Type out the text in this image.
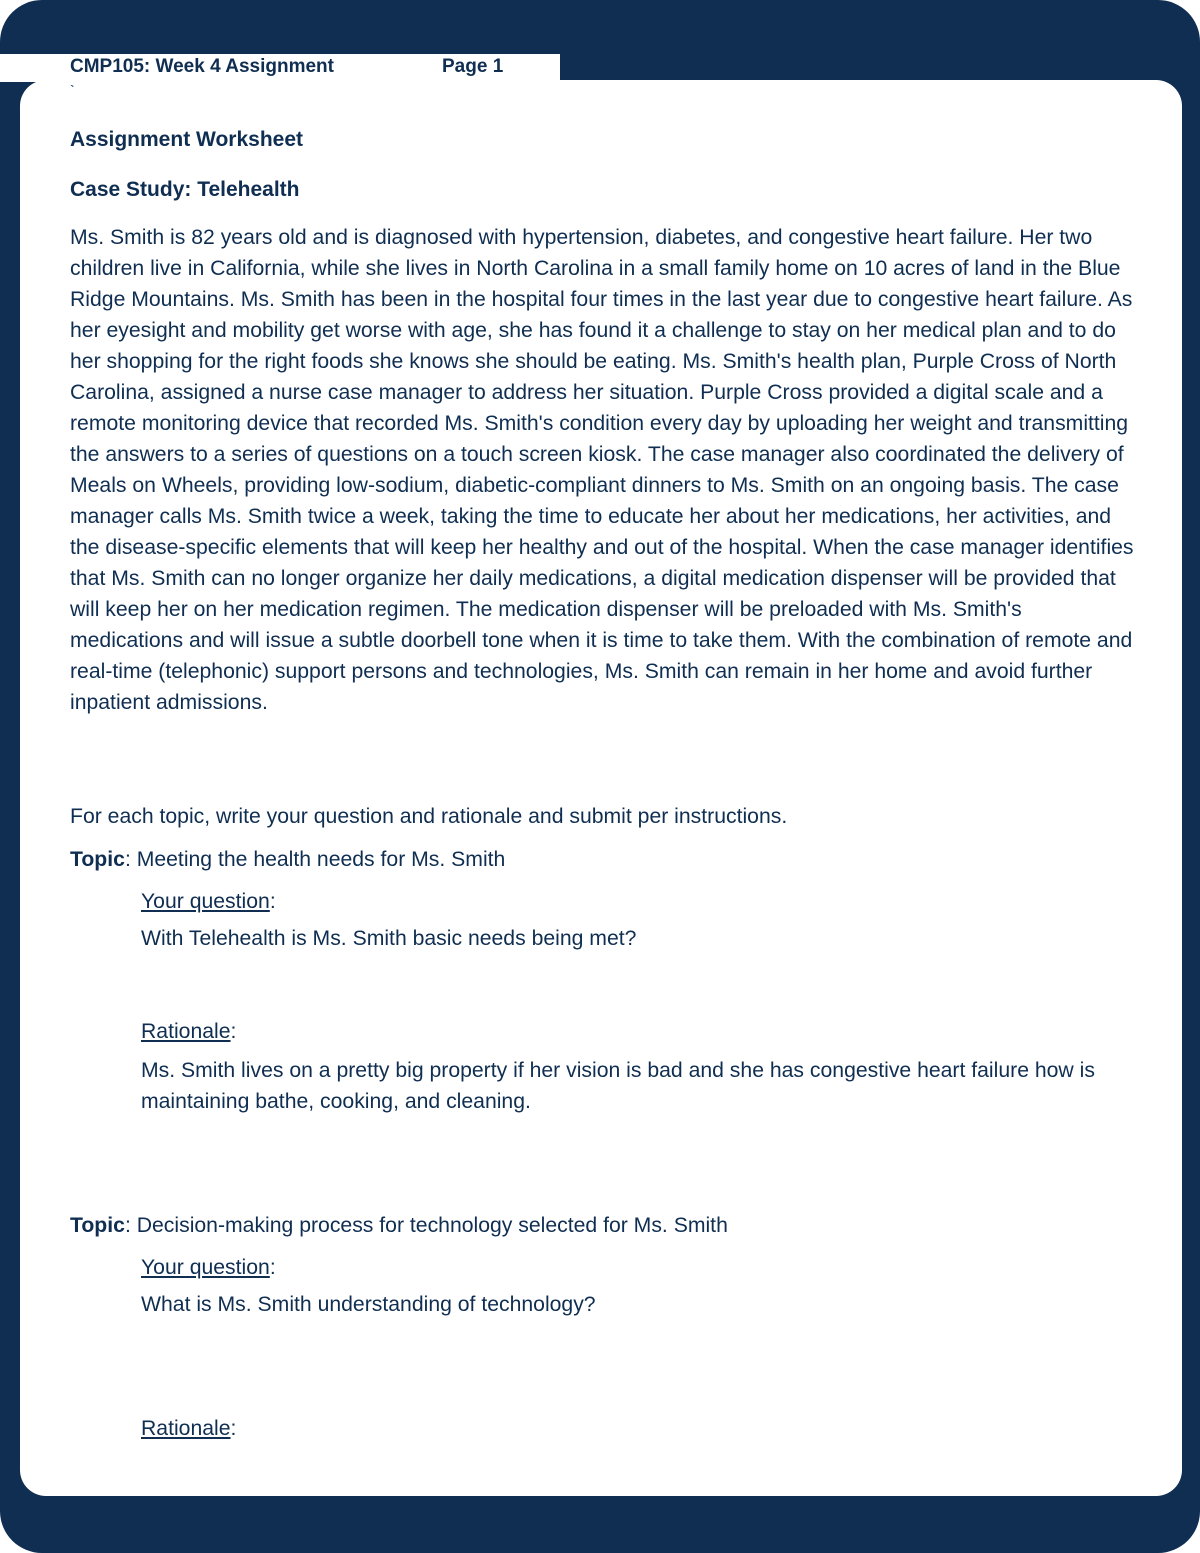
CMP105: Week 4 Assignment	Page 1
`
Assignment Worksheet
Case Study: Telehealth

Ms. Smith is 82 years old and is diagnosed with hypertension, diabetes, and congestive heart failure. Her two children live in California, while she lives in North Carolina in a small family home on 10 acres of land in the Blue Ridge Mountains. Ms. Smith has been in the hospital four times in the last year due to congestive heart failure. As her eyesight and mobility get worse with age, she has found it a challenge to stay on her medical plan and to do her shopping for the right foods she knows she should be eating. Ms. Smith's health plan, Purple Cross of North Carolina, assigned a nurse case manager to address her situation. Purple Cross provided a digital scale and a remote monitoring device that recorded Ms. Smith's condition every day by uploading her weight and transmitting the answers to a series of questions on a touch screen kiosk. The case manager also coordinated the delivery of Meals on Wheels, providing low-sodium, diabetic-compliant dinners to Ms. Smith on an ongoing basis. The case manager calls Ms. Smith twice a week, taking the time to educate her about her medications, her activities, and the disease-specific elements that will keep her healthy and out of the hospital. When the case manager identifies that Ms. Smith can no longer organize her daily medications, a digital medication dispenser will be provided that will keep her on her medication regimen. The medication dispenser will be preloaded with Ms. Smith's medications and will issue a subtle doorbell tone when it is time to take them. With the combination of remote and real-time (telephonic) support persons and technologies, Ms. Smith can remain in her home and avoid further inpatient admissions.

For each topic, write your question and rationale and submit per instructions.

Topic: Meeting the health needs for Ms. Smith
Your question:

With Telehealth is Ms. Smith basic needs being met?

Rationale:

Ms. Smith lives on a pretty big property if her vision is bad and she has congestive heart failure how is maintaining bathe, cooking, and cleaning.

Topic: Decision-making process for technology selected for Ms. Smith
Your question:

What is Ms. Smith understanding of technology?

Rationale:
